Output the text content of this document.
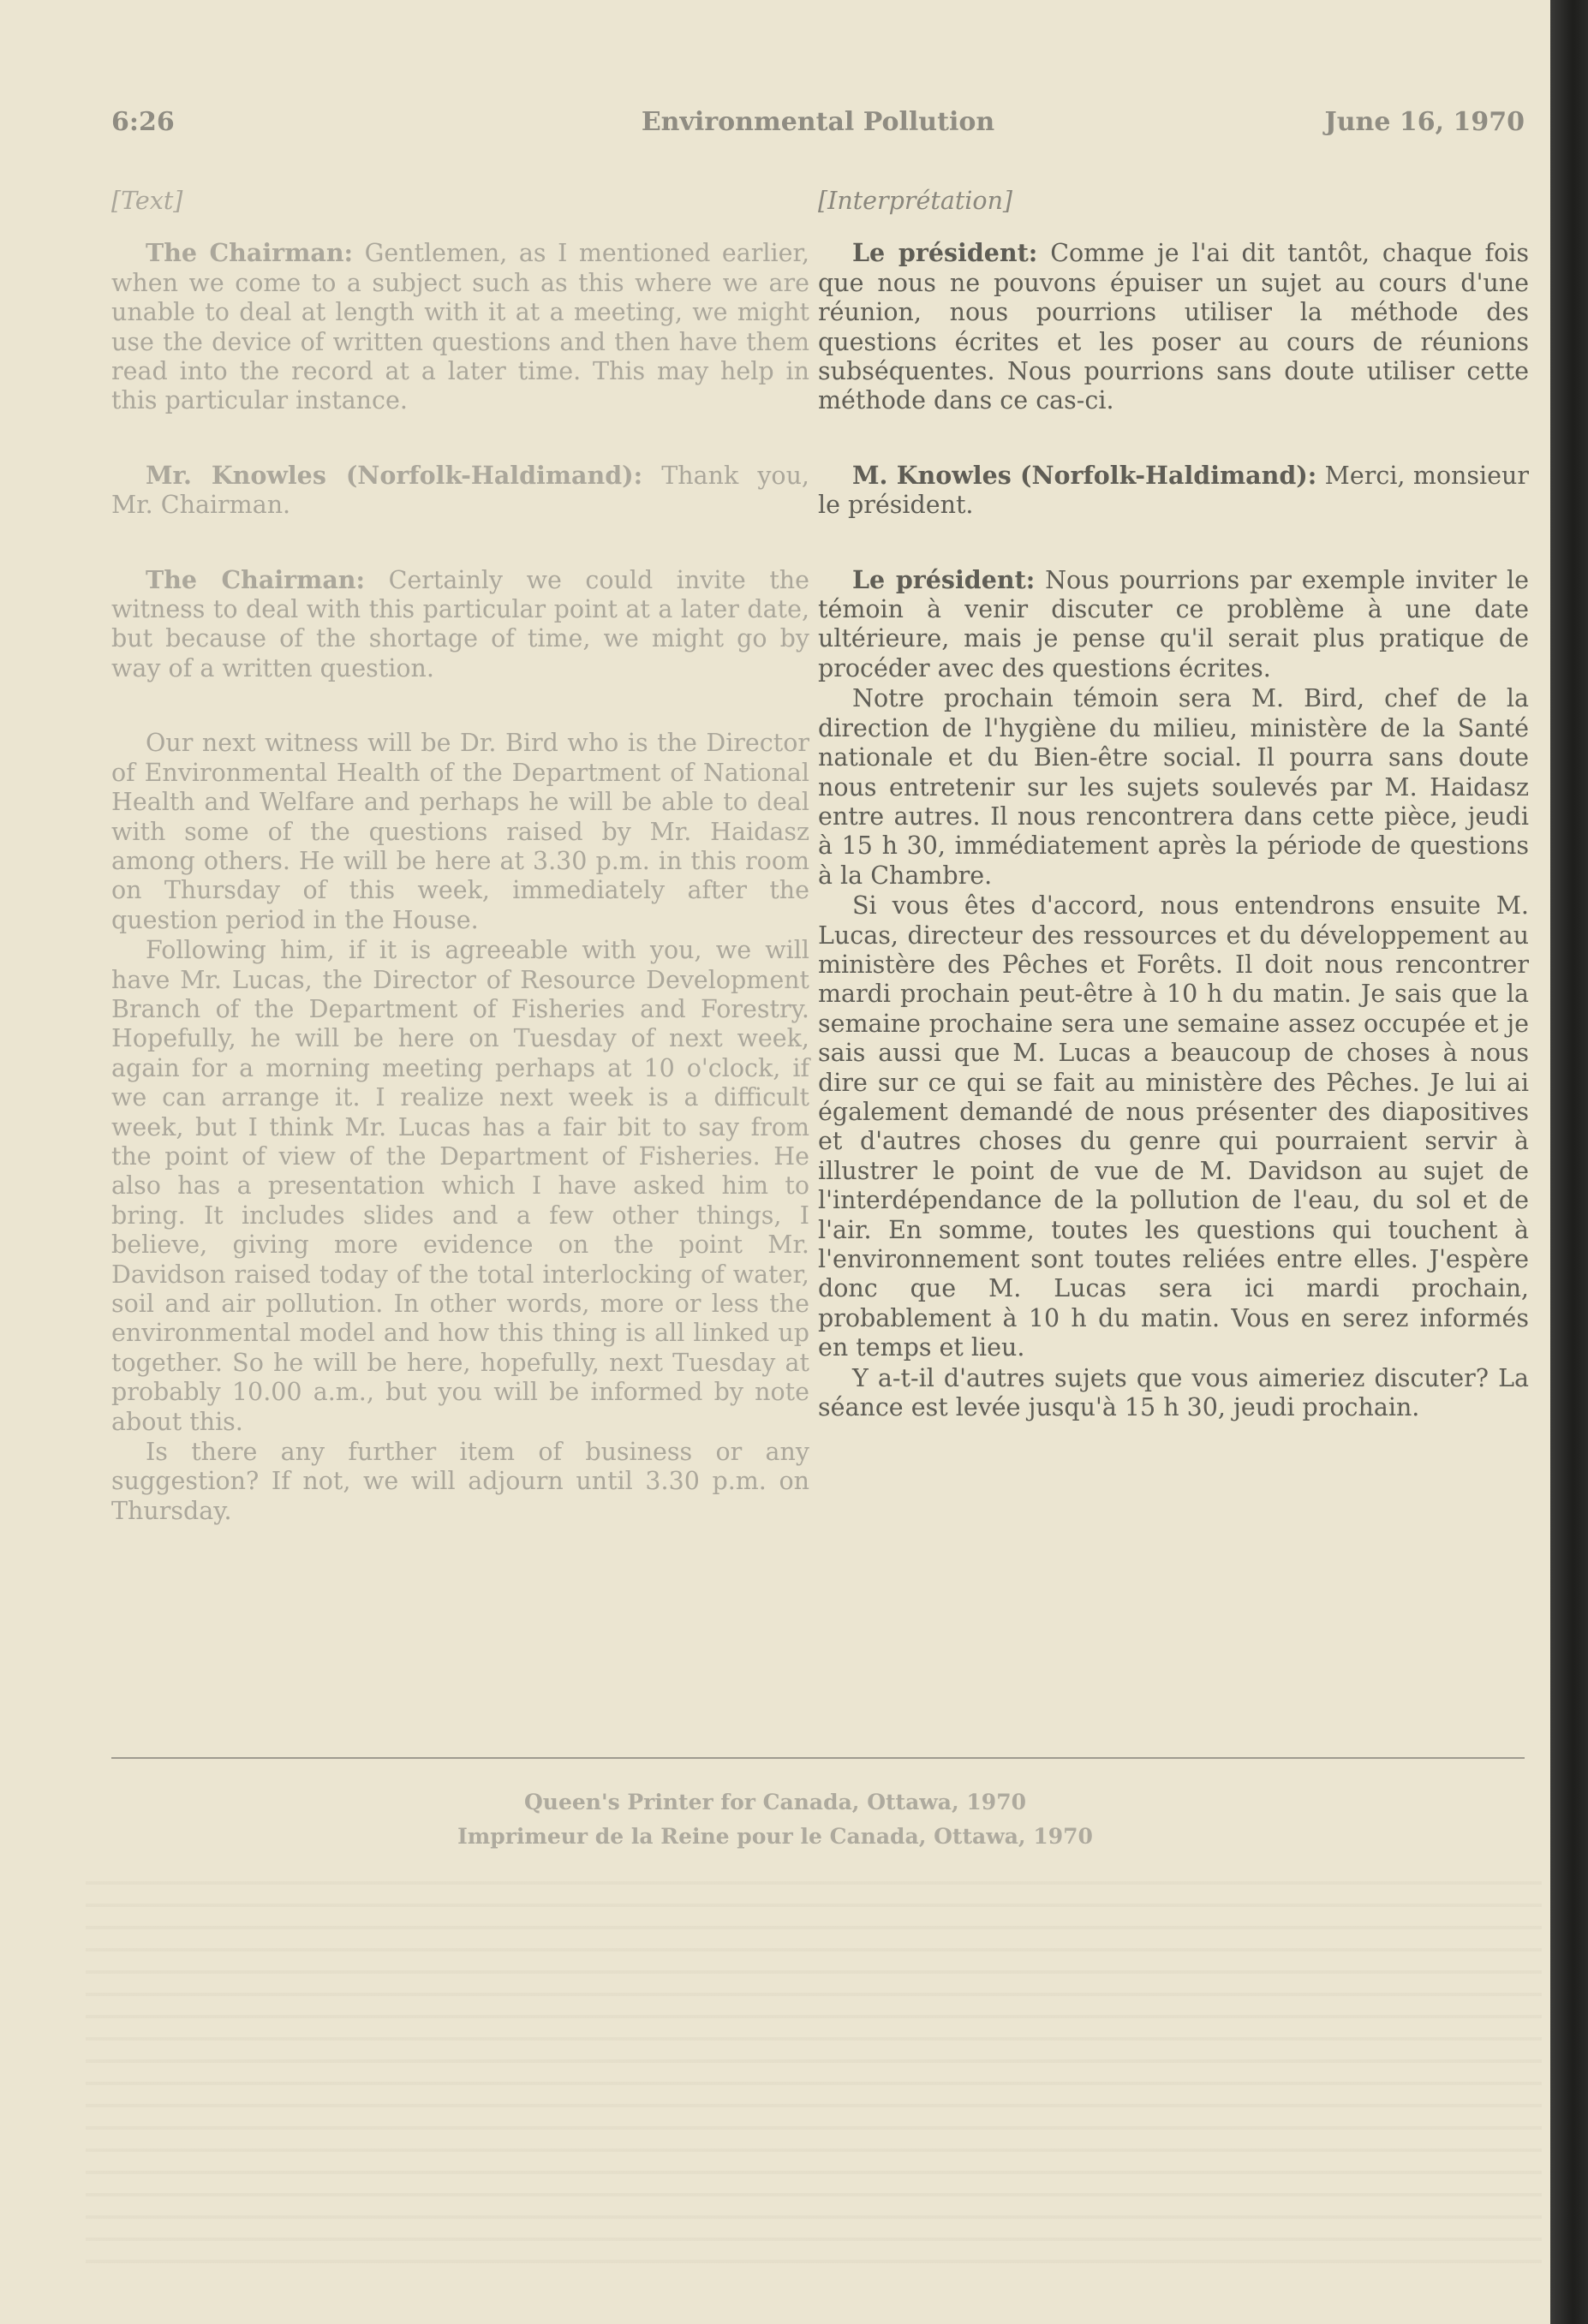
6:26	Environmental Pollution	June 16, 1970
[Text]

The Chairman: Gentlemen, as I mentioned earlier, when we come to a subject such as this where we are unable to deal at length with it at a meeting, we might use the device of written questions and then have them read into the record at a later time. This may help in this particular instance.

Mr. Knowles (Norfolk-Haldimand): Thank you, Mr. Chairman.

The Chairman: Certainly we could invite the witness to deal with this particular point at a later date, but because of the shortage of time, we might go by way of a written question.

Our next witness will be Dr. Bird who is the Director of Environmental Health of the Department of National Health and Welfare and perhaps he will be able to deal with some of the questions raised by Mr. Haidasz among others. He will be here at 3.30 p.m. in this room on Thursday of this week, immediately after the question period in the House.

Following him, if it is agreeable with you, we will have Mr. Lucas, the Director of Resource Development Branch of the Department of Fisheries and Forestry. Hopefully, he will be here on Tuesday of next week, again for a morning meeting perhaps at 10 o'clock, if we can arrange it. I realize next week is a difficult week, but I think Mr. Lucas has a fair bit to say from the point of view of the Department of Fisheries. He also has a presentation which I have asked him to bring. It includes slides and a few other things, I believe, giving more evidence on the point Mr. Davidson raised today of the total interlocking of water, soil and air pollution. In other words, more or less the environmental model and how this thing is all linked up together. So he will be here, hopefully, next Tuesday at probably 10.00 a.m., but you will be informed by note about this.

Is there any further item of business or any suggestion? If not, we will adjourn until 3.30 p.m. on Thursday.

[Interprétation]

Le président: Comme je l'ai dit tantôt, chaque fois que nous ne pouvons épuiser un sujet au cours d'une réunion, nous pourrions utiliser la méthode des questions écrites et les poser au cours de réunions subséquentes. Nous pourrions sans doute utiliser cette méthode dans ce cas-ci.

M. Knowles (Norfolk-Haldimand): Merci, monsieur le président.

Le président: Nous pourrions par exemple inviter le témoin à venir discuter ce problème à une date ultérieure, mais je pense qu'il serait plus pratique de procéder avec des questions écrites.

Notre prochain témoin sera M. Bird, chef de la direction de l'hygiène du milieu, ministère de la Santé nationale et du Bien-être social. Il pourra sans doute nous entretenir sur les sujets soulevés par M. Haidasz entre autres. Il nous rencontrera dans cette pièce, jeudi à 15 h 30, immédiatement après la période de questions à la Chambre.

Si vous êtes d'accord, nous entendrons ensuite M. Lucas, directeur des ressources et du développement au ministère des Pêches et Forêts. Il doit nous rencontrer mardi prochain peut-être à 10 h du matin. Je sais que la semaine prochaine sera une semaine assez occupée et je sais aussi que M. Lucas a beaucoup de choses à nous dire sur ce qui se fait au ministère des Pêches. Je lui ai également demandé de nous présenter des diapositives et d'autres choses du genre qui pourraient servir à illustrer le point de vue de M. Davidson au sujet de l'interdépendance de la pollution de l'eau, du sol et de l'air. En somme, toutes les questions qui touchent à l'environnement sont toutes reliées entre elles. J'espère donc que M. Lucas sera ici mardi prochain, probablement à 10 h du matin. Vous en serez informés en temps et lieu.

Y a-t-il d'autres sujets que vous aimeriez discuter? La séance est levée jusqu'à 15 h 30, jeudi prochain.

Queen's Printer for Canada, Ottawa, 1970
Imprimeur de la Reine pour le Canada, Ottawa, 1970
